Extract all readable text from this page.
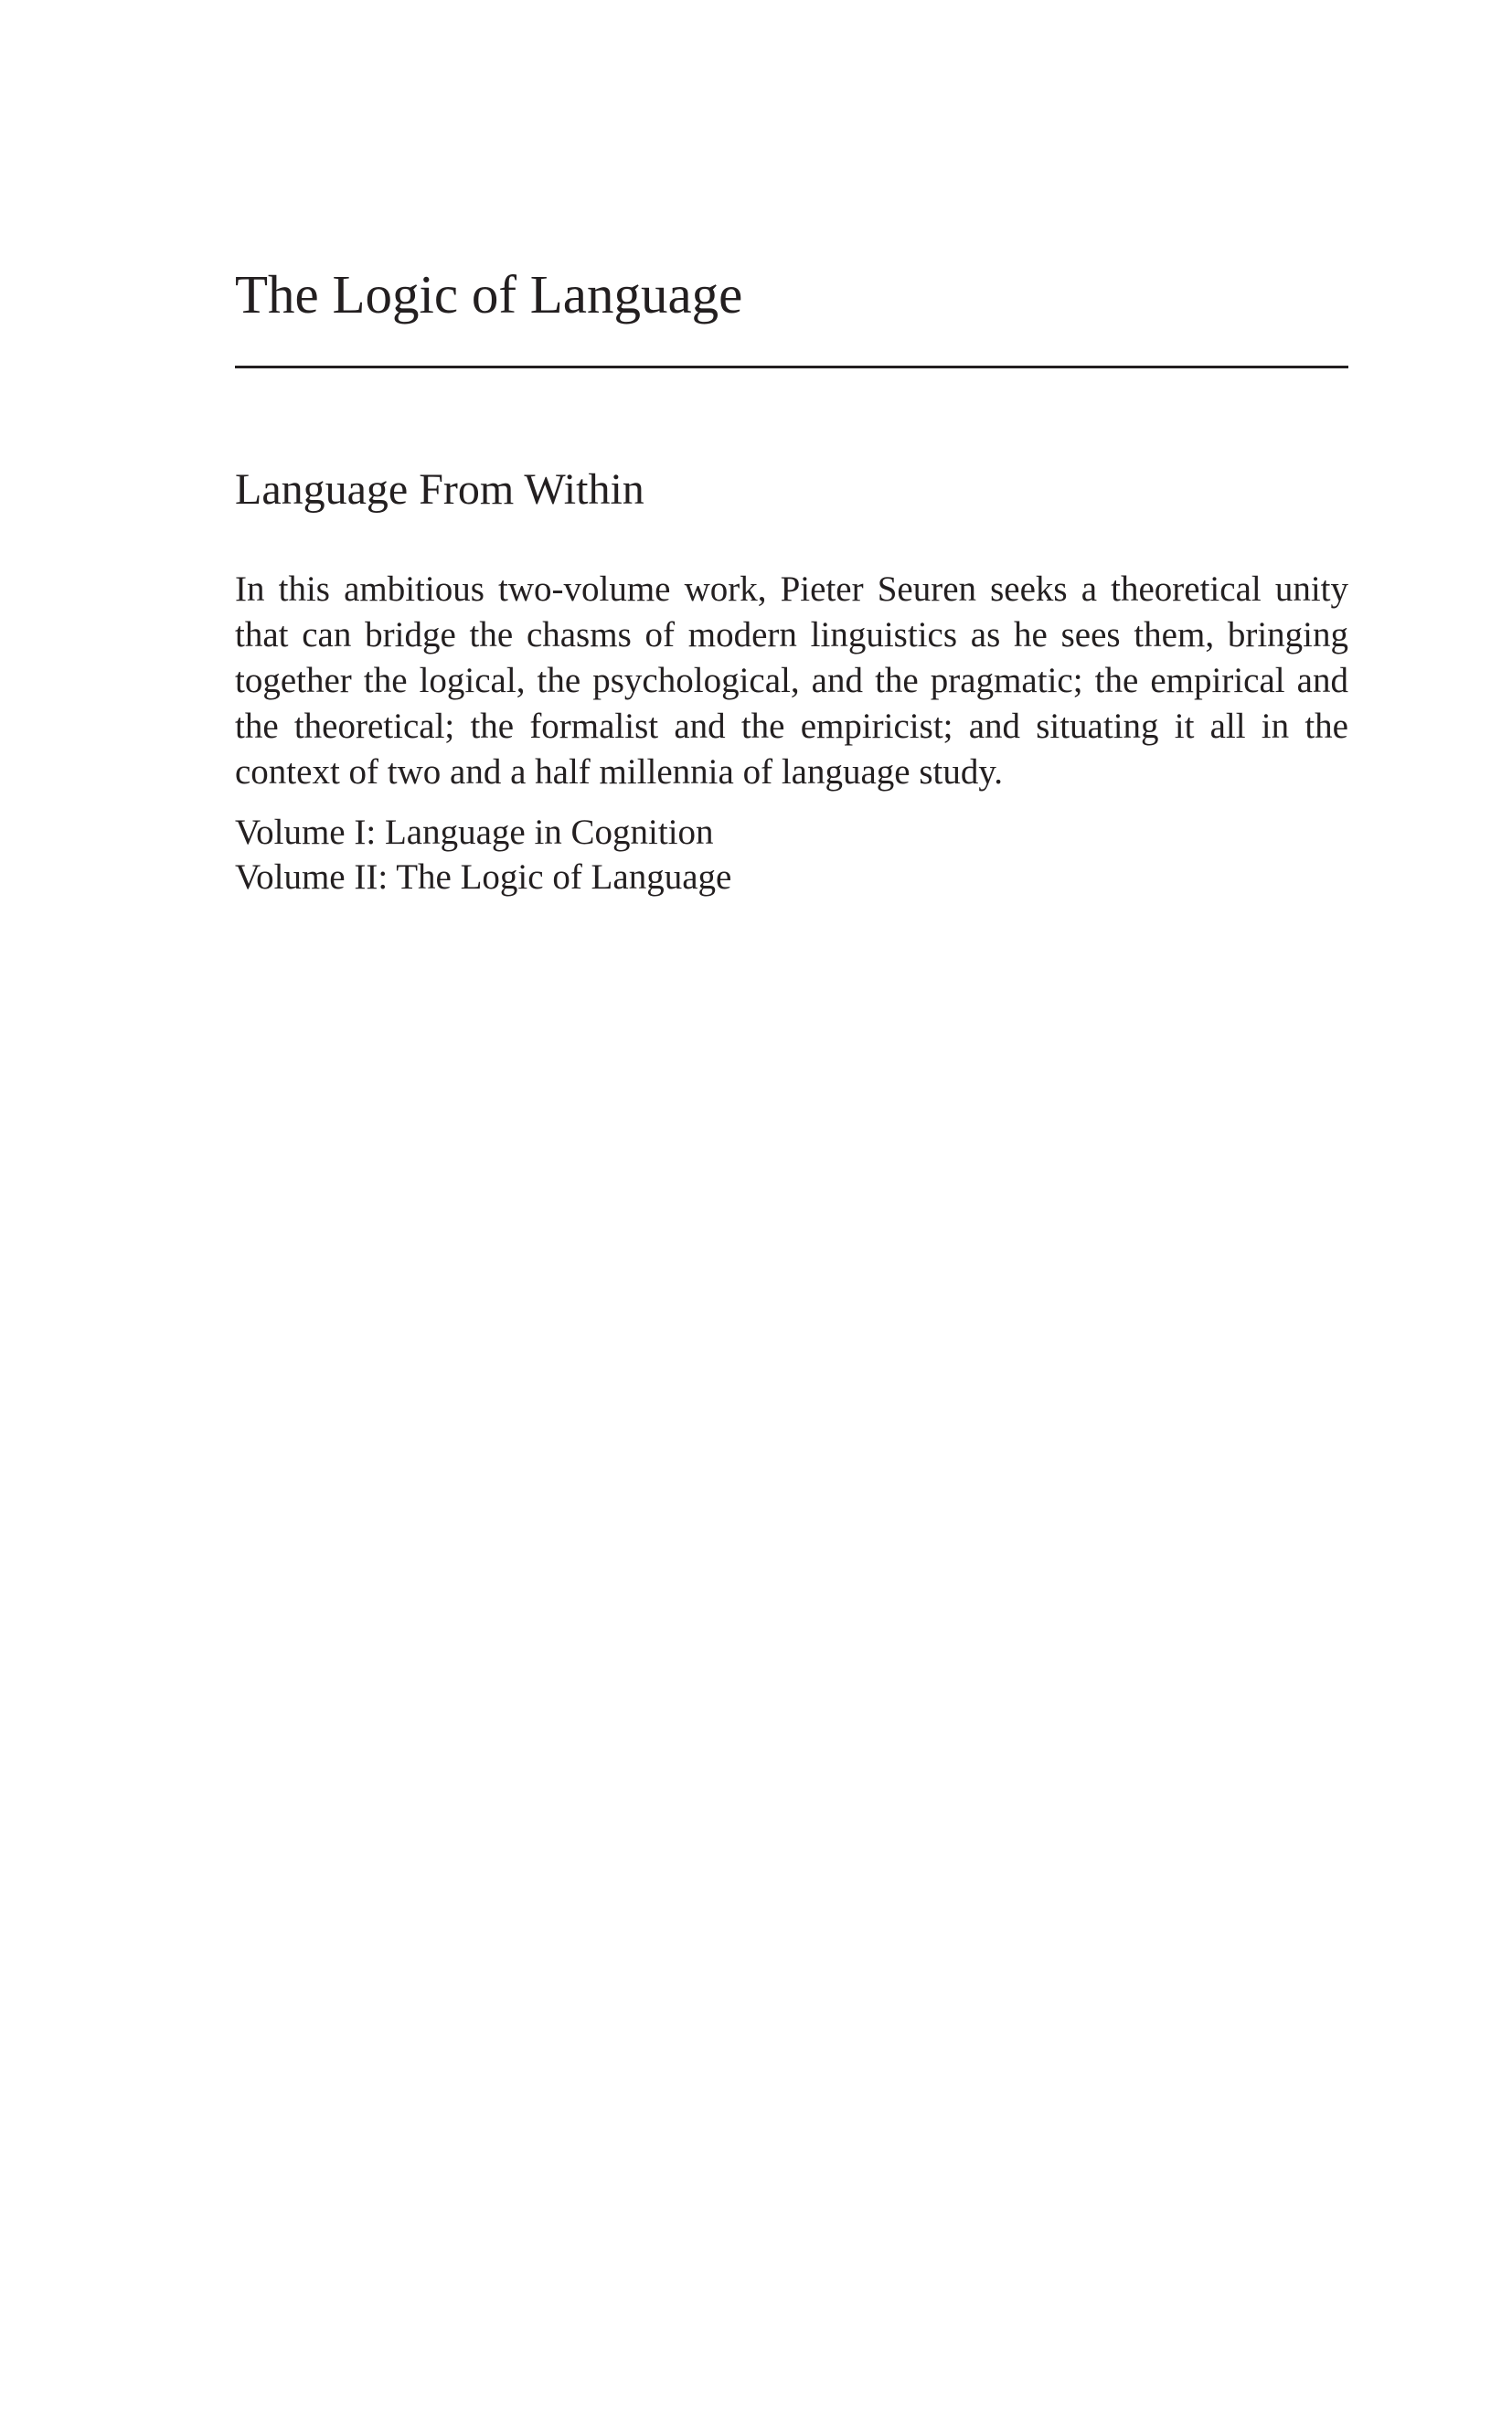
The Logic of Language
Language From Within
In this ambitious two-volume work, Pieter Seuren seeks a theoretical unity
that can bridge the chasms of modern linguistics as he sees them, bringing
together the logical, the psychological, and the pragmatic; the empirical and
the theoretical; the formalist and the empiricist; and situating it all in the
context of two and a half millennia of language study.
Volume I: Language in Cognition
Volume II: The Logic of Language
